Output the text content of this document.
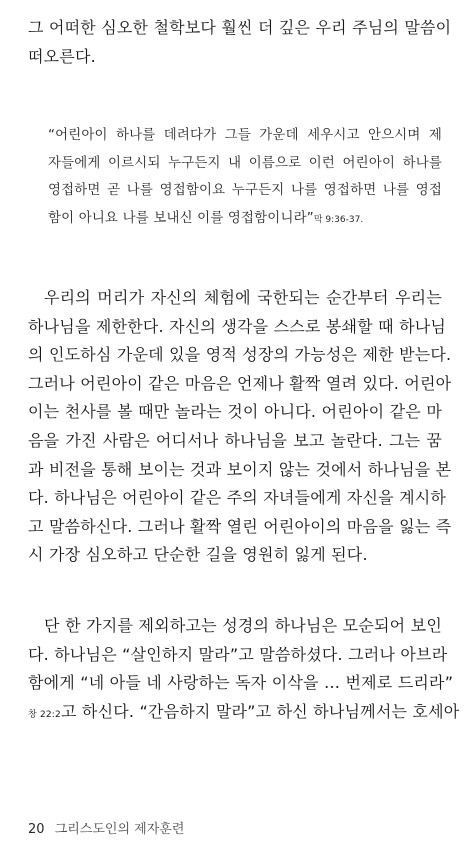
그 어떠한 심오한 철학보다 훨씬 더 깊은 우리 주님의 말씀이
떠오른다.
“어린아이 하나를 데려다가 그들 가운데 세우시고 안으시며 제
자들에게 이르시되 누구든지 내 이름으로 이런 어린아이 하나를
영접하면 곧 나를 영접함이요 누구든지 나를 영접하면 나를 영접
함이 아니요 나를 보내신 이를 영접함이니라”막 9:36-37.
우리의 머리가 자신의 체험에 국한되는 순간부터 우리는
하나님을 제한한다. 자신의 생각을 스스로 봉쇄할 때 하나님
의 인도하심 가운데 있을 영적 성장의 가능성은 제한 받는다.
그러나 어린아이 같은 마음은 언제나 활짝 열려 있다. 어린아
이는 천사를 볼 때만 놀라는 것이 아니다. 어린아이 같은 마
음을 가진 사람은 어디서나 하나님을 보고 놀란다. 그는 꿈
과 비전을 통해 보이는 것과 보이지 않는 것에서 하나님을 본
다. 하나님은 어린아이 같은 주의 자녀들에게 자신을 계시하
고 말씀하신다. 그러나 활짝 열린 어린아이의 마음을 잃는 즉
시 가장 심오하고 단순한 길을 영원히 잃게 된다.
단 한 가지를 제외하고는 성경의 하나님은 모순되어 보인
다. 하나님은 “살인하지 말라”고 말씀하셨다. 그러나 아브라
함에게 “네 아들 네 사랑하는 독자 이삭을 … 번제로 드리라”
창 22:2고 하신다. “간음하지 말라”고 하신 하나님께서는 호세아
20 그리스도인의 제자훈련
